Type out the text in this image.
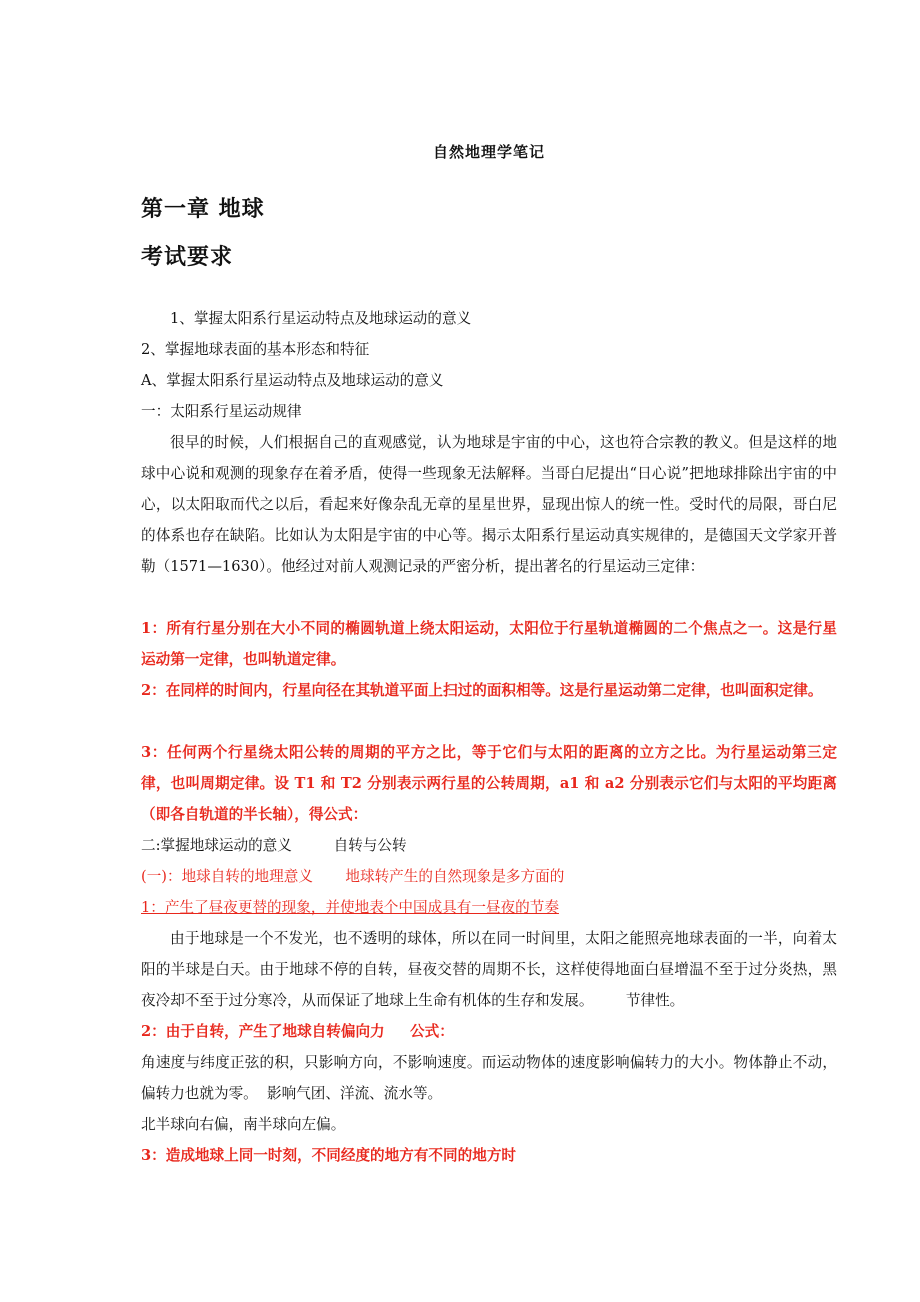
自然地理学笔记
第一章 地球
考试要求

1、掌握太阳系行星运动特点及地球运动的意义

2、掌握地球表面的基本形态和特征

A、掌握太阳系行星运动特点及地球运动的意义

一：太阳系行星运动规律

很早的时候，人们根据自己的直观感觉，认为地球是宇宙的中心，这也符合宗教的教义。但是这样的地球中心说和观测的现象存在着矛盾，使得一些现象无法解释。当哥白尼提出“日心说”把地球排除出宇宙的中心，以太阳取而代之以后，看起来好像杂乱无章的星星世界，显现出惊人的统一性。受时代的局限，哥白尼的体系也存在缺陷。比如认为太阳是宇宙的中心等。揭示太阳系行星运动真实规律的，是德国天文学家开普勒（1571—1630）。他经过对前人观测记录的严密分析，提出著名的行星运动三定律：

1：所有行星分别在大小不同的椭圆轨道上绕太阳运动，太阳位于行星轨道椭圆的二个焦点之一。这是行星运动第一定律，也叫轨道定律。

2：在同样的时间内，行星向径在其轨道平面上扫过的面积相等。这是行星运动第二定律，也叫面积定律。

3：任何两个行星绕太阳公转的周期的平方之比，等于它们与太阳的距离的立方之比。为行星运动第三定律，也叫周期定律。设 T1 和 T2 分别表示两行星的公转周期，a1 和 a2 分别表示它们与太阳的平均距离（即各自轨道的半长轴），得公式：

二:掌握地球运动的意义         自转与公转

(一)：地球自转的地理意义       地球转产生的自然现象是多方面的

1：产生了昼夜更替的现象，并使地表个中国成具有一昼夜的节奏

由于地球是一个不发光，也不透明的球体，所以在同一时间里，太阳之能照亮地球表面的一半，向着太阳的半球是白天。由于地球不停的自转，昼夜交替的周期不长，这样使得地面白昼增温不至于过分炎热，黑夜冷却不至于过分寒冷，从而保证了地球上生命有机体的生存和发展。       节律性。

2：由于自转，产生了地球自转偏向力     公式：

角速度与纬度正弦的积，只影响方向，不影响速度。而运动物体的速度影响偏转力的大小。物体静止不动，偏转力也就为零。  影响气团、洋流、流水等。

北半球向右偏，南半球向左偏。

3：造成地球上同一时刻，不同经度的地方有不同的地方时
